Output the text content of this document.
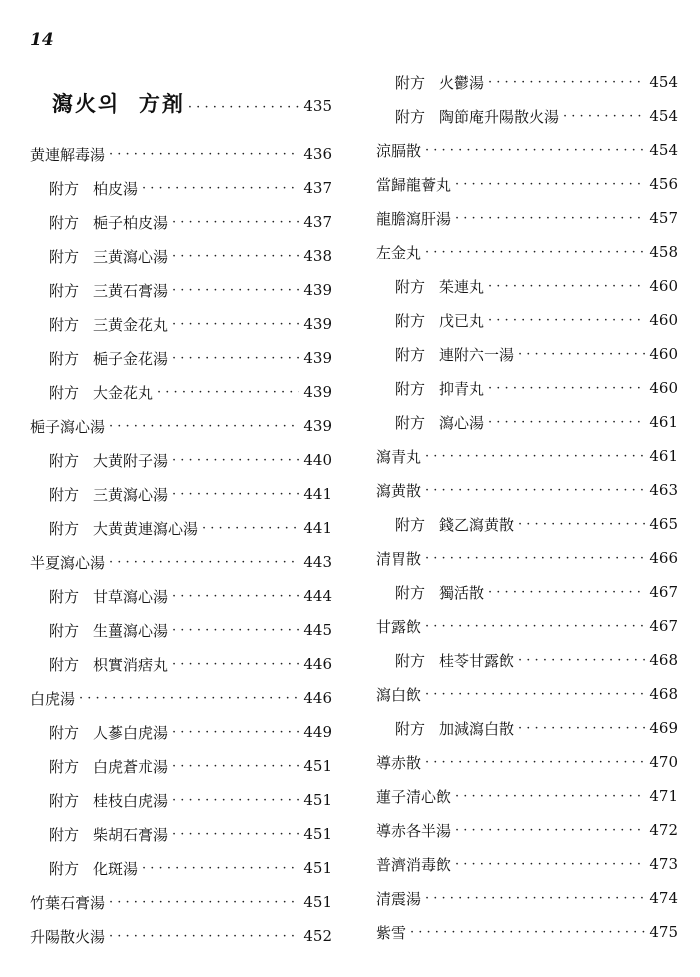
14
瀉火의  方剤 · · ·	435
黄連解毒湯 · · ·	436
附方 柏皮湯 · · ·	437
附方 梔子柏皮湯 · · ·	437
附方 三黄瀉心湯 · · ·	438
附方 三黄石膏湯 · · ·	439
附方 三黄金花丸 · · ·	439
附方 梔子金花湯 · · ·	439
附方 大金花丸 · · ·	439
梔子瀉心湯 · · ·	439
附方 大黄附子湯 · · ·	440
附方 三黄瀉心湯 · · ·	441
附方 大黄黄連瀉心湯 · · ·	441
半夏瀉心湯 · · ·	443
附方 甘草瀉心湯 · · ·	444
附方 生薑瀉心湯 · · ·	445
附方 枳實消痞丸 · · ·	446
白虎湯 · · ·	446
附方 人蔘白虎湯 · · ·	449
附方 白虎蒼朮湯 · · ·	451
附方 桂枝白虎湯 · · ·	451
附方 柴胡石膏湯 · · ·	451
附方 化斑湯 · · ·	451
竹葉石膏湯 · · ·	451
升陽散火湯 · · ·	452
附方 火鬱湯 · · ·	454
附方 陶節庵升陽散火湯 · · ·	454
涼膈散 · · ·	454
當歸龍薈丸 · · ·	456
龍膽瀉肝湯 · · ·	457
左金丸 · · ·	458
附方 茱連丸 · · ·	460
附方 戊已丸 · · ·	460
附方 連附六一湯 · · ·	460
附方 抑青丸 · · ·	460
附方 瀉心湯 · · ·	461
瀉青丸 · · ·	461
瀉黄散 · · ·	463
附方 錢乙瀉黄散 · · ·	465
清胃散 · · ·	466
附方 獨活散 · · ·	467
甘露飲 · · ·	467
附方 桂苓甘露飲 · · ·	468
瀉白飲 · · ·	468
附方 加減瀉白散 · · ·	469
導赤散 · · ·	470
蓮子清心飲 · · ·	471
導赤各半湯 · · ·	472
普濟消毒飲 · · ·	473
清震湯 · · ·	474
紫雪 · · ·	475
